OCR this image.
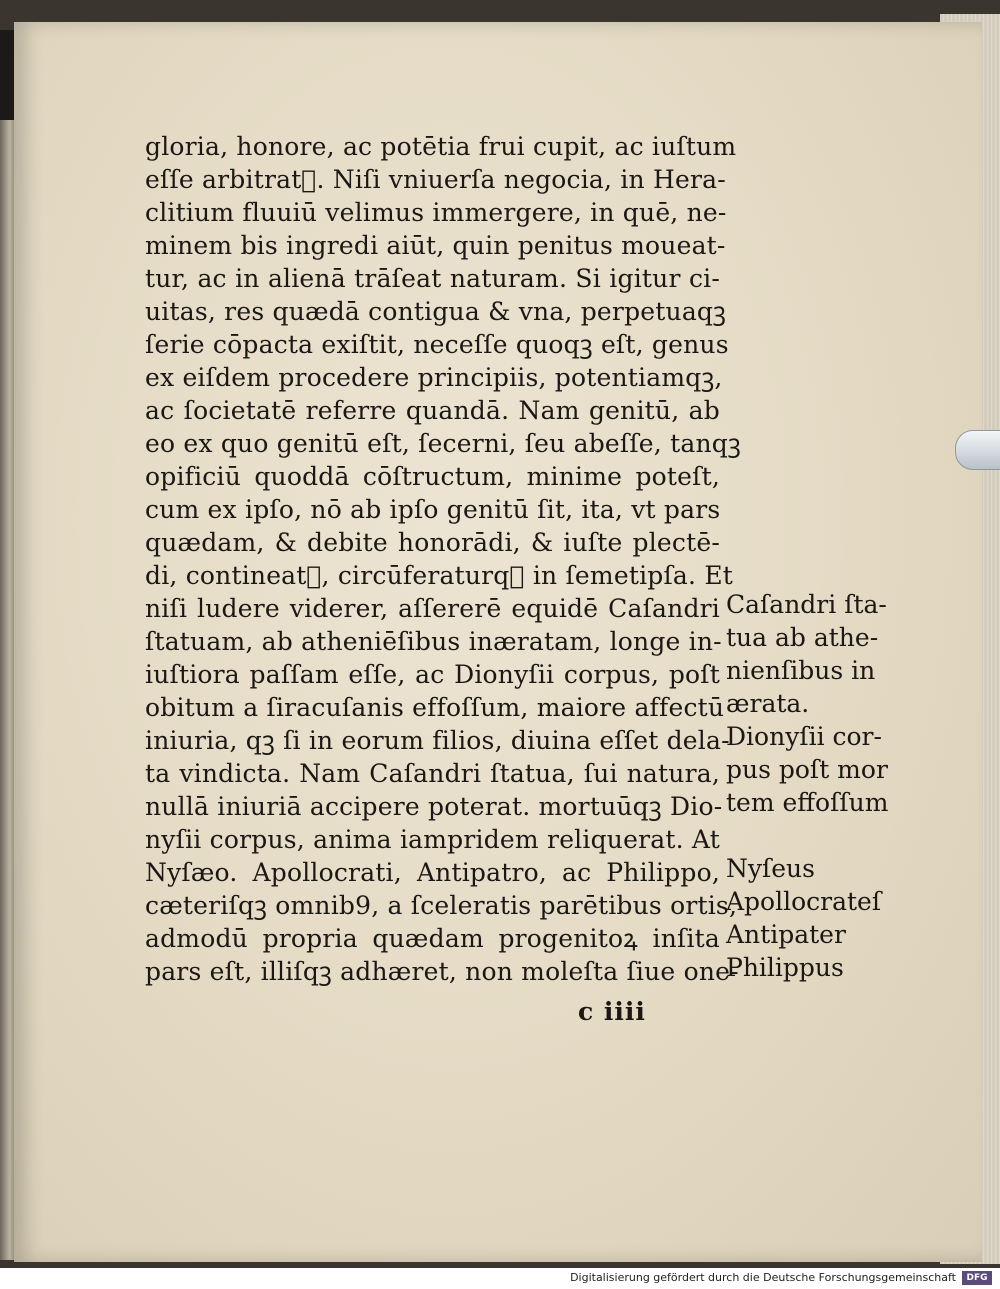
gloria, honore, ac potētia frui cupit, ac iuſtum
eſſe arbitrat᷑. Niſi vniuerſa negocia, in Hera-
clitium fluuiū velimus immergere, in quē, ne-
minem bis ingredi aiūt, quin penitus moueat-
tur, ac in alienā trāſeat naturam. Si igitur ci-
uitas, res quædā contigua & vna, perpetuaqꝫ
ſerie cōpacta exiſtit, neceſſe quoqꝫ eſt, genus
ex eiſdem procedere principiis, potentiamqꝫ,
ac ſocietatē referre quandā. Nam genitū, ab
eo ex quo genitū eſt, ſecerni, ſeu abeſſe, tanqꝫ
opificiū quoddā cōſtructum, minime poteſt,
cum ex ipſo, nō ab ipſo genitū ſit, ita, vt pars
quædam, & debite honorādi, & iuſte plectē-
di, contineat᷑, circūferaturqꝫ in ſemetipſa. Et
niſi ludere viderer, aſſererē equidē Caſandri
ſtatuam, ab atheniēſibus inæratam, longe in-
iuſtiora paſſam eſſe, ac Dionyſii corpus, poſt
obitum a ſiracuſanis effoſſum, maiore affectū
iniuria, qꝫ ſi in eorum filios, diuina eſſet dela-
ta vindicta. Nam Caſandri ſtatua, ſui natura,
nullā iniuriā accipere poterat. mortuūqꝫ Dio-
nyſii corpus, anima iampridem reliquerat. At
Nyſæo. Apollocrati, Antipatro, ac Philippo,
cæteriſqꝫ omnib9, a ſceleratis parētibus ortis,
admodū propria quædam progenitoꝝ inſita
pars eſt, illiſqꝫ adhæret, non moleſta ſiue one-
Caſandri ſta-
tua ab athe-
nienſibus in
ærata.
Dionyſii cor-
pus poſt mor
tem effoſſum
Nyſeus
Apollocrateſ
Antipater
Philippus
c iiii
Digitalisierung gefördert durch die Deutsche Forschungsgemeinschaft	DFG
